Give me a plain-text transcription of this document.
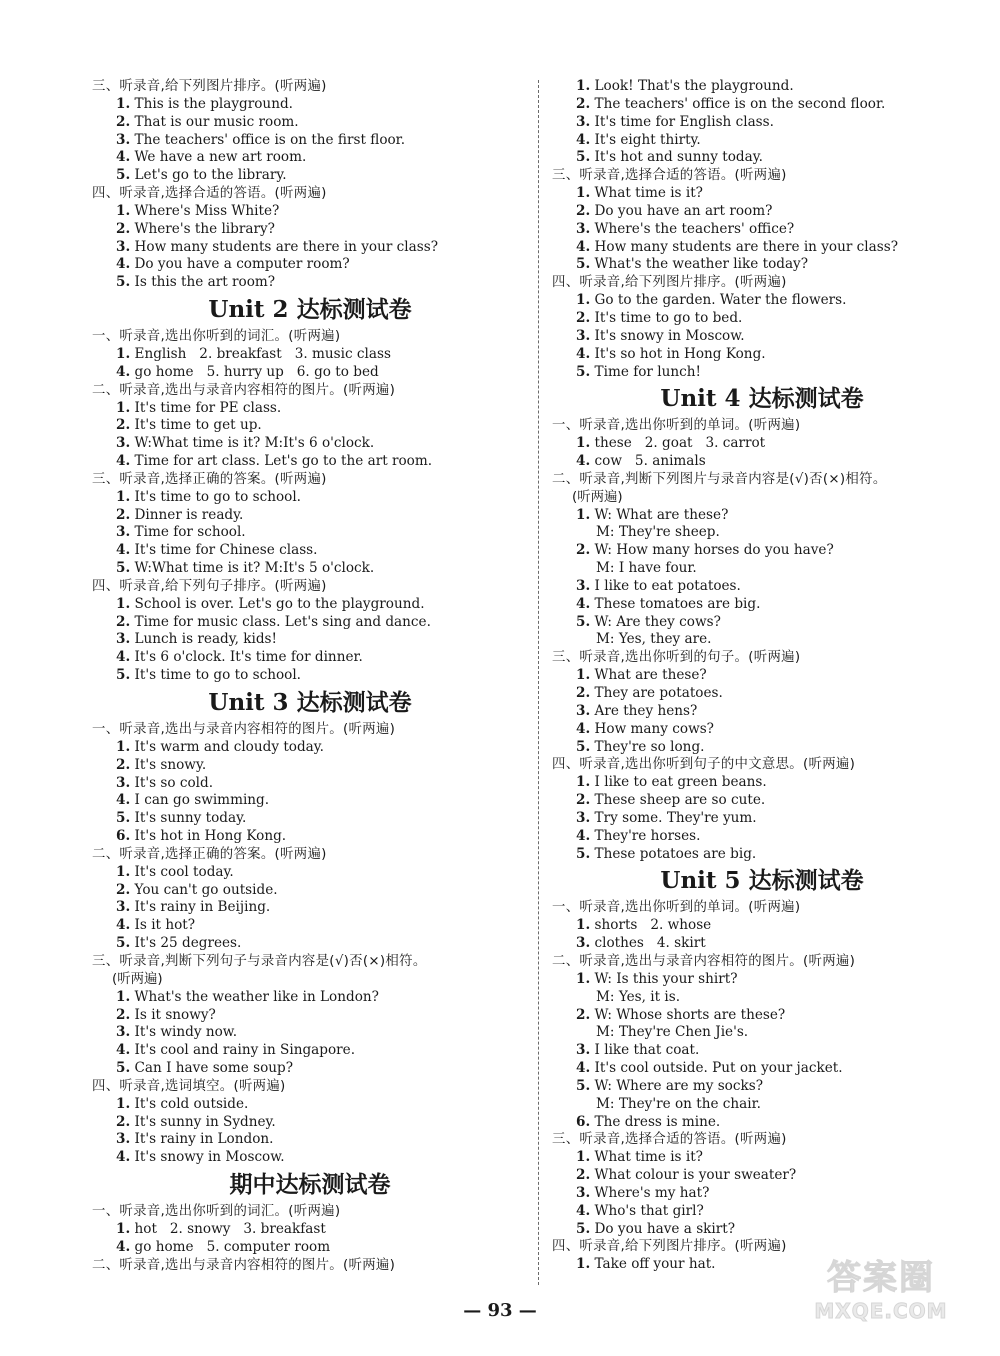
三、听录音,给下列图片排序。(听两遍)
1. This is the playground.
2. That is our music room.
3. The teachers' office is on the first floor.
4. We have a new art room.
5. Let's go to the library.
四、听录音,选择合适的答语。(听两遍)
1. Where's Miss White?
2. Where's the library?
3. How many students are there in your class?
4. Do you have a computer room?
5. Is this the art room?
Unit 2 达标测试卷
一、听录音,选出你听到的词汇。(听两遍)
1. English   2. breakfast   3. music class
4. go home   5. hurry up   6. go to bed
二、听录音,选出与录音内容相符的图片。(听两遍)
1. It's time for PE class.
2. It's time to get up.
3. W:What time is it? M:It's 6 o'clock.
4. Time for art class. Let's go to the art room.
三、听录音,选择正确的答案。(听两遍)
1. It's time to go to school.
2. Dinner is ready.
3. Time for school.
4. It's time for Chinese class.
5. W:What time is it? M:It's 5 o'clock.
四、听录音,给下列句子排序。(听两遍)
1. School is over. Let's go to the playground.
2. Time for music class. Let's sing and dance.
3. Lunch is ready, kids!
4. It's 6 o'clock. It's time for dinner.
5. It's time to go to school.
Unit 3 达标测试卷
一、听录音,选出与录音内容相符的图片。(听两遍)
1. It's warm and cloudy today.
2. It's snowy.
3. It's so cold.
4. I can go swimming.
5. It's sunny today.
6. It's hot in Hong Kong.
二、听录音,选择正确的答案。(听两遍)
1. It's cool today.
2. You can't go outside.
3. It's rainy in Beijing.
4. Is it hot?
5. It's 25 degrees.
三、听录音,判断下列句子与录音内容是(√)否(×)相符。
(听两遍)
1. What's the weather like in London?
2. Is it snowy?
3. It's windy now.
4. It's cool and rainy in Singapore.
5. Can I have some soup?
四、听录音,选词填空。(听两遍)
1. It's cold outside.
2. It's sunny in Sydney.
3. It's rainy in London.
4. It's snowy in Moscow.
期中达标测试卷
一、听录音,选出你听到的词汇。(听两遍)
1. hot   2. snowy   3. breakfast
4. go home   5. computer room
二、听录音,选出与录音内容相符的图片。(听两遍)
1. Look! That's the playground.
2. The teachers' office is on the second floor.
3. It's time for English class.
4. It's eight thirty.
5. It's hot and sunny today.
三、听录音,选择合适的答语。(听两遍)
1. What time is it?
2. Do you have an art room?
3. Where's the teachers' office?
4. How many students are there in your class?
5. What's the weather like today?
四、听录音,给下列图片排序。(听两遍)
1. Go to the garden. Water the flowers.
2. It's time to go to bed.
3. It's snowy in Moscow.
4. It's so hot in Hong Kong.
5. Time for lunch!
Unit 4 达标测试卷
一、听录音,选出你听到的单词。(听两遍)
1. these   2. goat   3. carrot
4. cow   5. animals
二、听录音,判断下列图片与录音内容是(√)否(×)相符。
(听两遍)
1. W: What are these?
M: They're sheep.
2. W: How many horses do you have?
M: I have four.
3. I like to eat potatoes.
4. These tomatoes are big.
5. W: Are they cows?
M: Yes, they are.
三、听录音,选出你听到的句子。(听两遍)
1. What are these?
2. They are potatoes.
3. Are they hens?
4. How many cows?
5. They're so long.
四、听录音,选出你听到句子的中文意思。(听两遍)
1. I like to eat green beans.
2. These sheep are so cute.
3. Try some. They're yum.
4. They're horses.
5. These potatoes are big.
Unit 5 达标测试卷
一、听录音,选出你听到的单词。(听两遍)
1. shorts   2. whose
3. clothes   4. skirt
二、听录音,选出与录音内容相符的图片。(听两遍)
1. W: Is this your shirt?
M: Yes, it is.
2. W: Whose shorts are these?
M: They're Chen Jie's.
3. I like that coat.
4. It's cool outside. Put on your jacket.
5. W: Where are my socks?
M: They're on the chair.
6. The dress is mine.
三、听录音,选择合适的答语。(听两遍)
1. What time is it?
2. What colour is your sweater?
3. Where's my hat?
4. Who's that girl?
5. Do you have a skirt?
四、听录音,给下列图片排序。(听两遍)
1. Take off your hat.
— 93 —
答案圈
MXQE.COM
